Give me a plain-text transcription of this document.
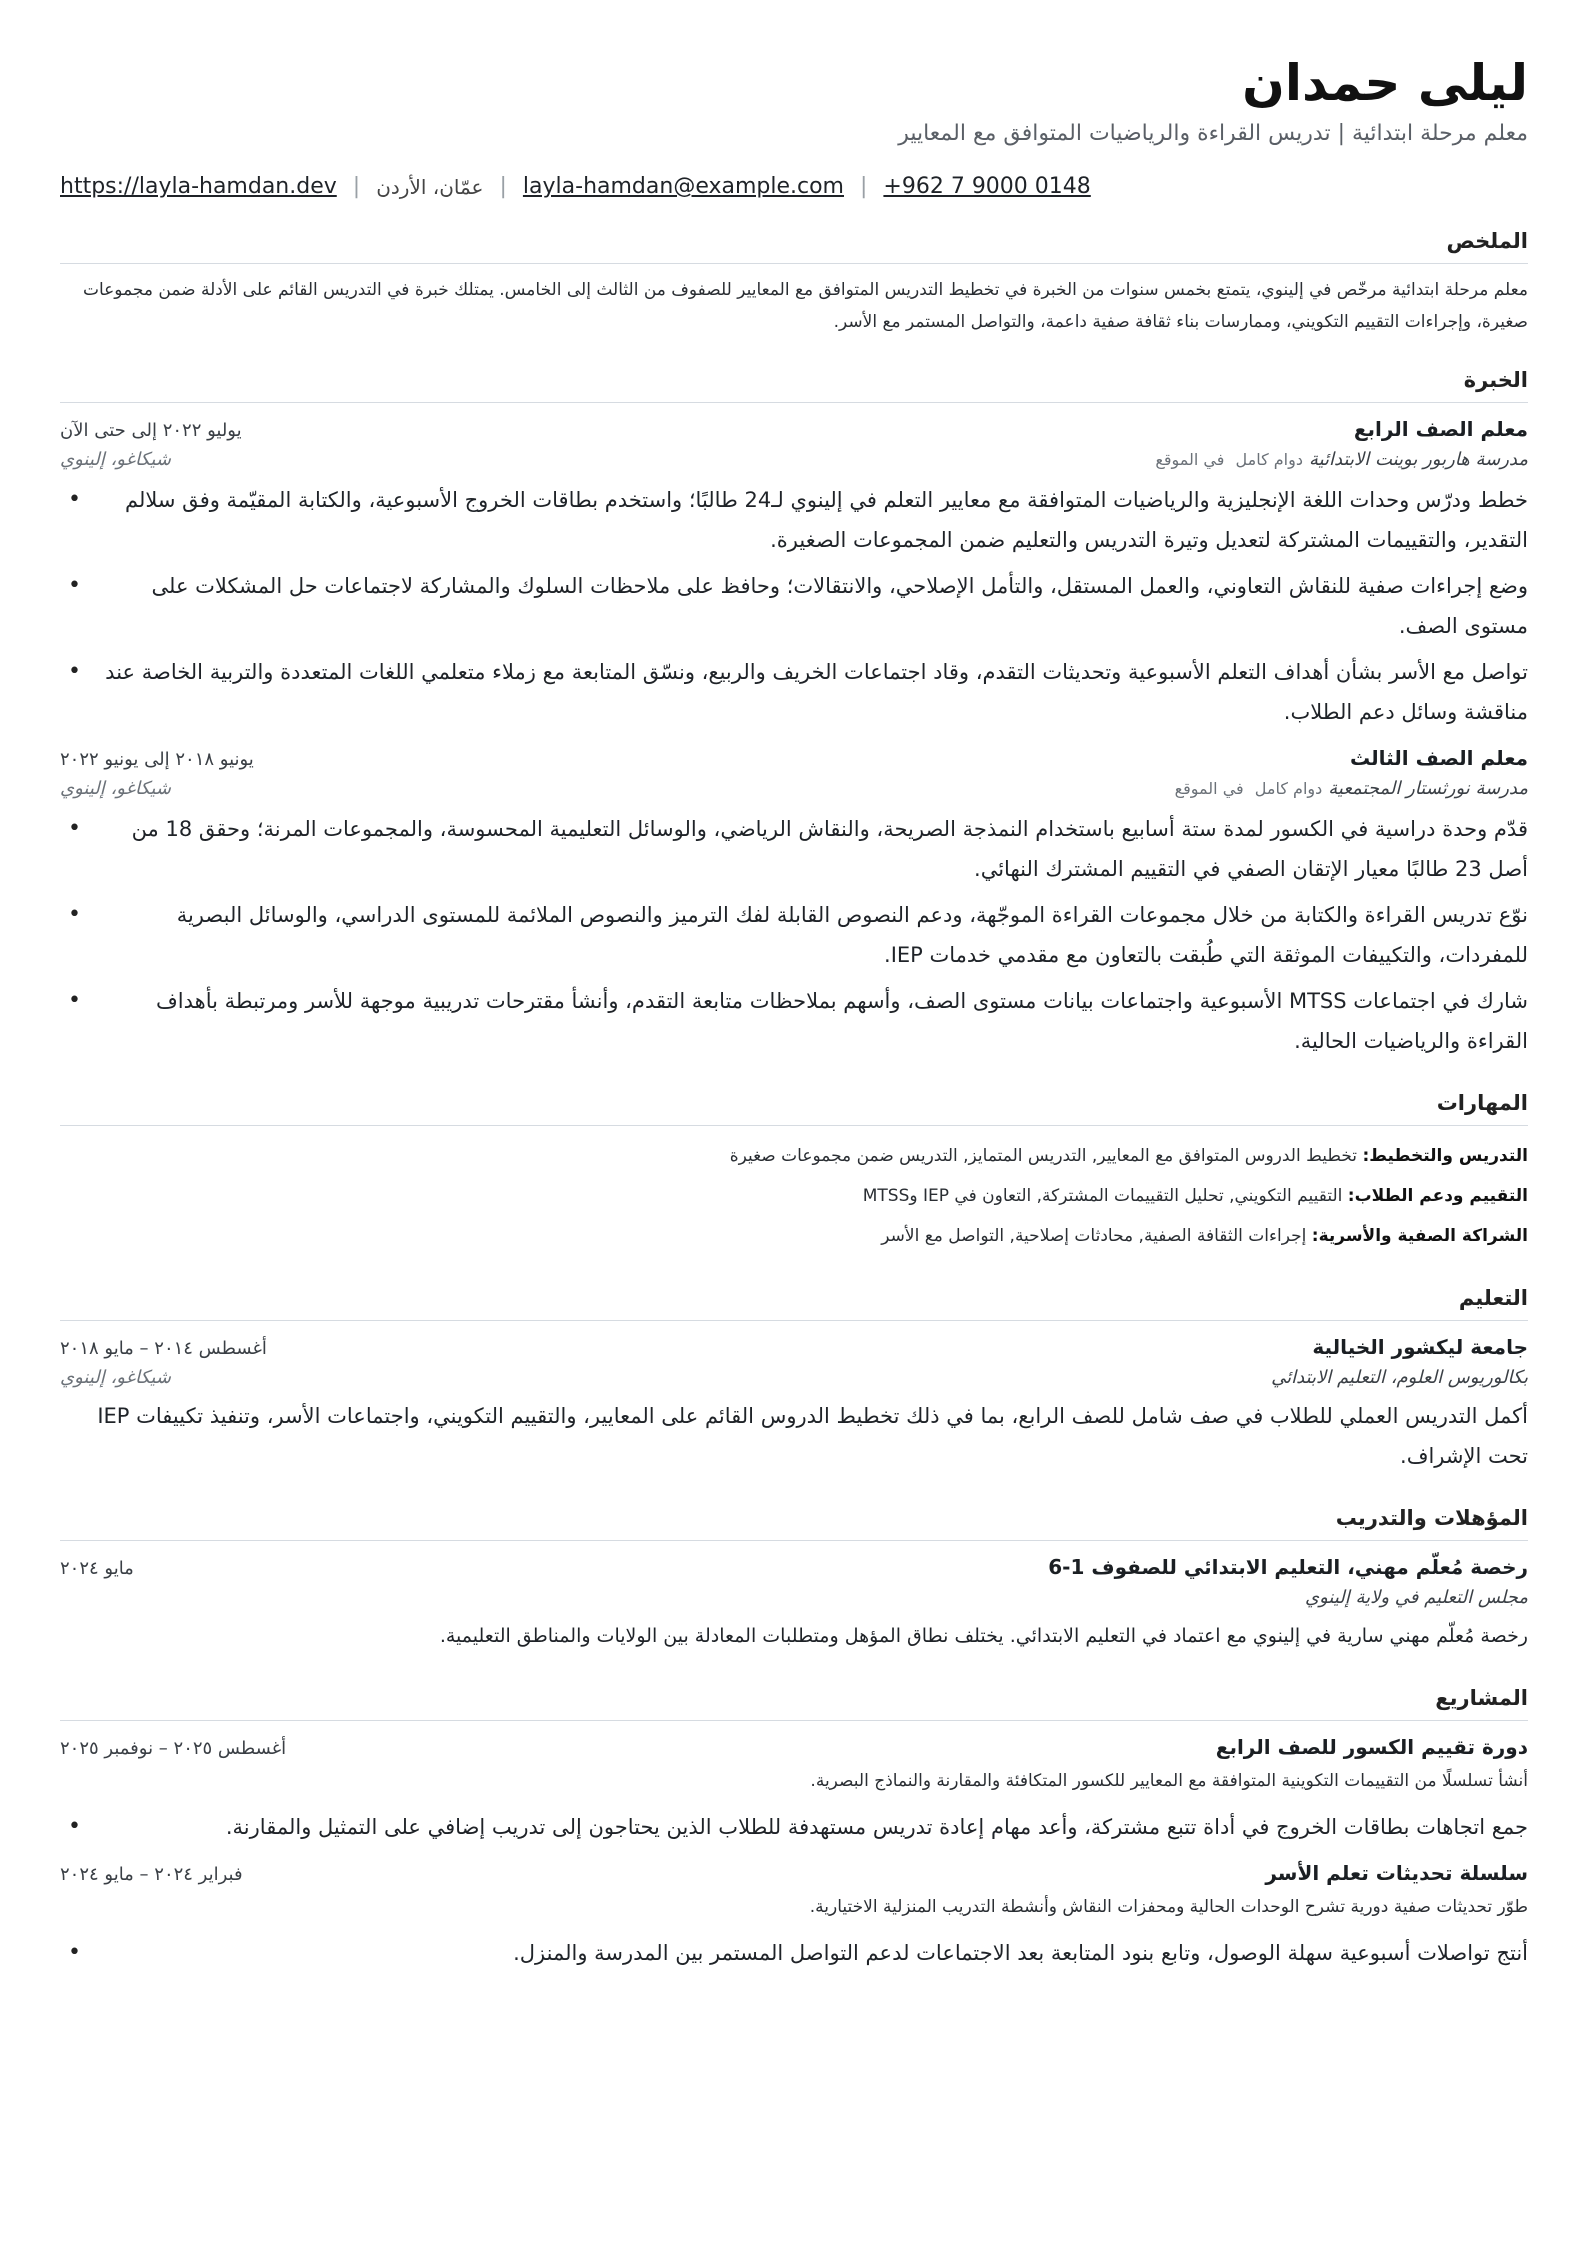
ليلى حمدان
معلم مرحلة ابتدائية | تدريس القراءة والرياضيات المتوافق مع المعايير
+962 7 9000 0148
|
layla-hamdan@example.com
|
عمّان، الأردن
|
https://layla-hamdan.dev
الملخص
معلم مرحلة ابتدائية مرخّص في إلينوي، يتمتع بخمس سنوات من الخبرة في تخطيط التدريس المتوافق مع المعايير للصفوف من الثالث إلى الخامس. يمتلك خبرة في التدريس القائم على الأدلة ضمن مجموعات صغيرة، وإجراءات التقييم التكويني، وممارسات بناء ثقافة صفية داعمة، والتواصل المستمر مع الأسر.
الخبرة
معلم الصف الرابع
يوليو ٢٠٢٢ إلى حتى الآن
مدرسة هاربور بوينت الابتدائيةدوام كامل في الموقع
شيكاغو، إلينوي
خطط ودرّس وحدات اللغة الإنجليزية والرياضيات المتوافقة مع معايير التعلم في إلينوي لـ24 طالبًا؛ واستخدم بطاقات الخروج الأسبوعية، والكتابة المقيّمة وفق سلالم التقدير، والتقييمات المشتركة لتعديل وتيرة التدريس والتعليم ضمن المجموعات الصغيرة. •
وضع إجراءات صفية للنقاش التعاوني، والعمل المستقل، والتأمل الإصلاحي، والانتقالات؛ وحافظ على ملاحظات السلوك والمشاركة لاجتماعات حل المشكلات على مستوى الصف. •
تواصل مع الأسر بشأن أهداف التعلم الأسبوعية وتحديثات التقدم، وقاد اجتماعات الخريف والربيع، ونسّق المتابعة مع زملاء متعلمي اللغات المتعددة والتربية الخاصة عند مناقشة وسائل دعم الطلاب. •
معلم الصف الثالث
يونيو ٢٠١٨ إلى يونيو ٢٠٢٢
مدرسة نورثستار المجتمعيةدوام كامل في الموقع
شيكاغو، إلينوي
قدّم وحدة دراسية في الكسور لمدة ستة أسابيع باستخدام النمذجة الصريحة، والنقاش الرياضي، والوسائل التعليمية المحسوسة، والمجموعات المرنة؛ وحقق 18 من أصل 23 طالبًا معيار الإتقان الصفي في التقييم المشترك النهائي. •
نوّع تدريس القراءة والكتابة من خلال مجموعات القراءة الموجّهة، ودعم النصوص القابلة لفك الترميز والنصوص الملائمة للمستوى الدراسي، والوسائل البصرية للمفردات، والتكييفات الموثقة التي طُبقت بالتعاون مع مقدمي خدمات IEP. •
شارك في اجتماعات MTSS الأسبوعية واجتماعات بيانات مستوى الصف، وأسهم بملاحظات متابعة التقدم، وأنشأ مقترحات تدريبية موجهة للأسر ومرتبطة بأهداف القراءة والرياضيات الحالية. •
المهارات
التدريس والتخطيط: تخطيط الدروس المتوافق مع المعايير, التدريس المتمايز, التدريس ضمن مجموعات صغيرة
التقييم ودعم الطلاب: التقييم التكويني, تحليل التقييمات المشتركة, التعاون في IEP وMTSS
الشراكة الصفية والأسرية: إجراءات الثقافة الصفية, محادثات إصلاحية, التواصل مع الأسر
التعليم
جامعة ليكشور الخيالية
أغسطس ٢٠١٤ – مايو ٢٠١٨
بكالوريوس العلوم، التعليم الابتدائي
شيكاغو، إلينوي
أكمل التدريس العملي للطلاب في صف شامل للصف الرابع، بما في ذلك تخطيط الدروس القائم على المعايير، والتقييم التكويني، واجتماعات الأسر، وتنفيذ تكييفات IEP تحت الإشراف.
المؤهلات والتدريب
رخصة مُعلّم مهني، التعليم الابتدائي للصفوف 1-6
مايو ٢٠٢٤
مجلس التعليم في ولاية إلينوي
رخصة مُعلّم مهني سارية في إلينوي مع اعتماد في التعليم الابتدائي. يختلف نطاق المؤهل ومتطلبات المعادلة بين الولايات والمناطق التعليمية.
المشاريع
دورة تقييم الكسور للصف الرابع
أغسطس ٢٠٢٥ – نوفمبر ٢٠٢٥
أنشأ تسلسلًا من التقييمات التكوينية المتوافقة مع المعايير للكسور المتكافئة والمقارنة والنماذج البصرية.
جمع اتجاهات بطاقات الخروج في أداة تتبع مشتركة، وأعد مهام إعادة تدريس مستهدفة للطلاب الذين يحتاجون إلى تدريب إضافي على التمثيل والمقارنة. •
سلسلة تحديثات تعلم الأسر
فبراير ٢٠٢٤ – مايو ٢٠٢٤
طوّر تحديثات صفية دورية تشرح الوحدات الحالية ومحفزات النقاش وأنشطة التدريب المنزلية الاختيارية.
أنتج تواصلات أسبوعية سهلة الوصول، وتابع بنود المتابعة بعد الاجتماعات لدعم التواصل المستمر بين المدرسة والمنزل. •
